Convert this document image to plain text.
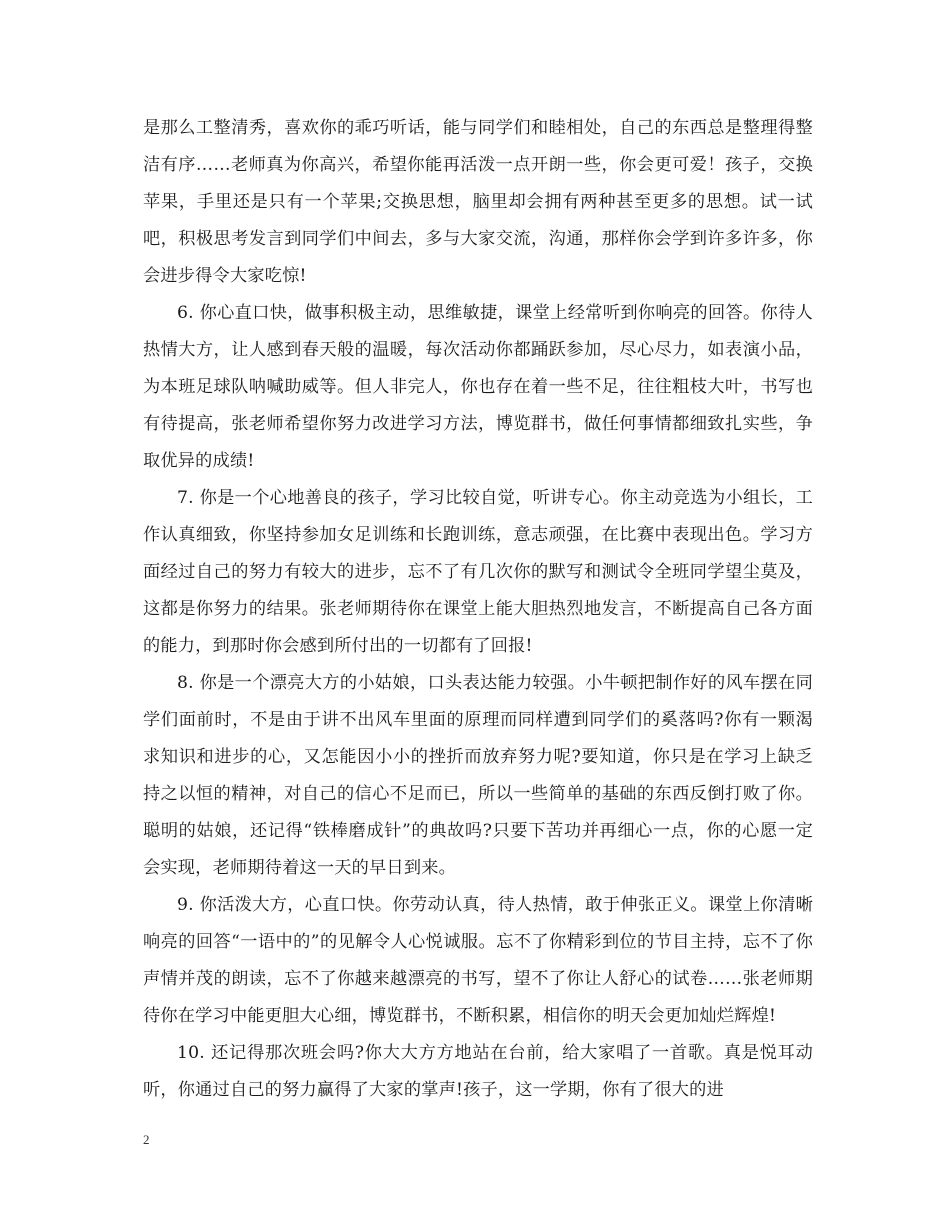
是那么工整清秀，喜欢你的乖巧听话，能与同学们和睦相处，自己的东西总是整理得整洁有序……老师真为你高兴，希望你能再活泼一点开朗一些，你会更可爱！孩子，交换苹果，手里还是只有一个苹果;交换思想，脑里却会拥有两种甚至更多的思想。试一试吧，积极思考发言到同学们中间去，多与大家交流，沟通，那样你会学到许多许多，你会进步得令大家吃惊!

6. 你心直口快，做事积极主动，思维敏捷，课堂上经常听到你响亮的回答。你待人热情大方，让人感到春天般的温暖，每次活动你都踊跃参加，尽心尽力，如表演小品，为本班足球队呐喊助威等。但人非完人，你也存在着一些不足，往往粗枝大叶，书写也有待提高，张老师希望你努力改进学习方法，博览群书，做任何事情都细致扎实些，争取优异的成绩!

7. 你是一个心地善良的孩子，学习比较自觉，听讲专心。你主动竞选为小组长，工作认真细致，你坚持参加女足训练和长跑训练，意志顽强，在比赛中表现出色。学习方面经过自己的努力有较大的进步，忘不了有几次你的默写和测试令全班同学望尘莫及，这都是你努力的结果。张老师期待你在课堂上能大胆热烈地发言，不断提高自己各方面的能力，到那时你会感到所付出的一切都有了回报!

8. 你是一个漂亮大方的小姑娘，口头表达能力较强。小牛顿把制作好的风车摆在同学们面前时，不是由于讲不出风车里面的原理而同样遭到同学们的奚落吗?你有一颗渴求知识和进步的心，又怎能因小小的挫折而放弃努力呢?要知道，你只是在学习上缺乏持之以恒的精神，对自己的信心不足而已，所以一些简单的基础的东西反倒打败了你。聪明的姑娘，还记得“铁棒磨成针”的典故吗?只要下苦功并再细心一点，你的心愿一定会实现，老师期待着这一天的早日到来。

9. 你活泼大方，心直口快。你劳动认真，待人热情，敢于伸张正义。课堂上你清晰响亮的回答“一语中的”的见解令人心悦诚服。忘不了你精彩到位的节目主持，忘不了你声情并茂的朗读，忘不了你越来越漂亮的书写，望不了你让人舒心的试卷……张老师期待你在学习中能更胆大心细，博览群书，不断积累，相信你的明天会更加灿烂辉煌!

10. 还记得那次班会吗?你大大方方地站在台前，给大家唱了一首歌。真是悦耳动听，你通过自己的努力赢得了大家的掌声!孩子，这一学期，你有了很大的进

2
